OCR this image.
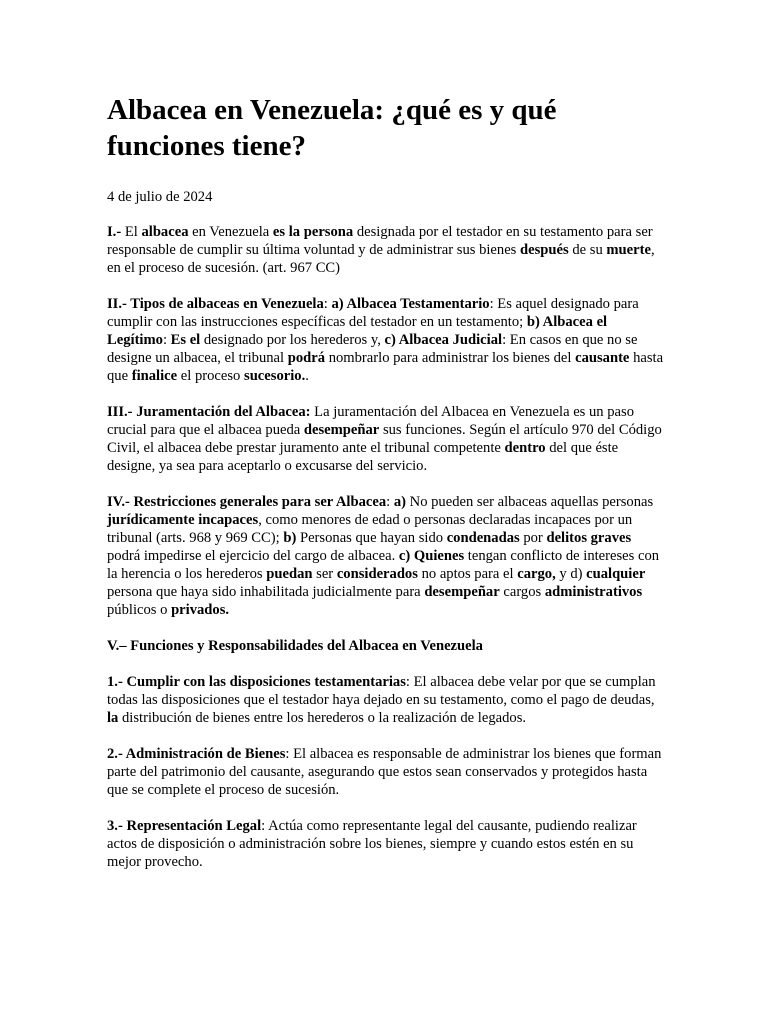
Albacea en Venezuela: ¿qué es y qué funciones tiene?
4 de julio de 2024

I.- El albacea en Venezuela es la persona designada por el testador en su testamento para ser responsable de cumplir su última voluntad y de administrar sus bienes después de su muerte, en el proceso de sucesión. (art. 967 CC)

II.- Tipos de albaceas en Venezuela: a) Albacea Testamentario: Es aquel designado para cumplir con las instrucciones específicas del testador en un testamento; b) Albacea el Legítimo: Es el designado por los herederos y, c) Albacea Judicial: En casos en que no se designe un albacea, el tribunal podrá nombrarlo para administrar los bienes del causante hasta que finalice el proceso sucesorio..

III.- Juramentación del Albacea: La juramentación del Albacea en Venezuela es un paso crucial para que el albacea pueda desempeñar sus funciones. Según el artículo 970 del Código Civil, el albacea debe prestar juramento ante el tribunal competente dentro del que éste designe, ya sea para aceptarlo o excusarse del servicio.

IV.- Restricciones generales para ser Albacea: a) No pueden ser albaceas aquellas personas jurídicamente incapaces, como menores de edad o personas declaradas incapaces por un tribunal (arts. 968 y 969 CC); b) Personas que hayan sido condenadas por delitos graves podrá impedirse el ejercicio del cargo de albacea. c) Quienes tengan conflicto de intereses con la herencia o los herederos puedan ser considerados no aptos para el cargo, y d) cualquier persona que haya sido inhabilitada judicialmente para desempeñar cargos administrativos públicos o privados.

V.– Funciones y Responsabilidades del Albacea en Venezuela

1.- Cumplir con las disposiciones testamentarias: El albacea debe velar por que se cumplan todas las disposiciones que el testador haya dejado en su testamento, como el pago de deudas, la distribución de bienes entre los herederos o la realización de legados.

2.- Administración de Bienes: El albacea es responsable de administrar los bienes que forman parte del patrimonio del causante, asegurando que estos sean conservados y protegidos hasta que se complete el proceso de sucesión.

3.- Representación Legal: Actúa como representante legal del causante, pudiendo realizar actos de disposición o administración sobre los bienes, siempre y cuando estos estén en su mejor provecho.
